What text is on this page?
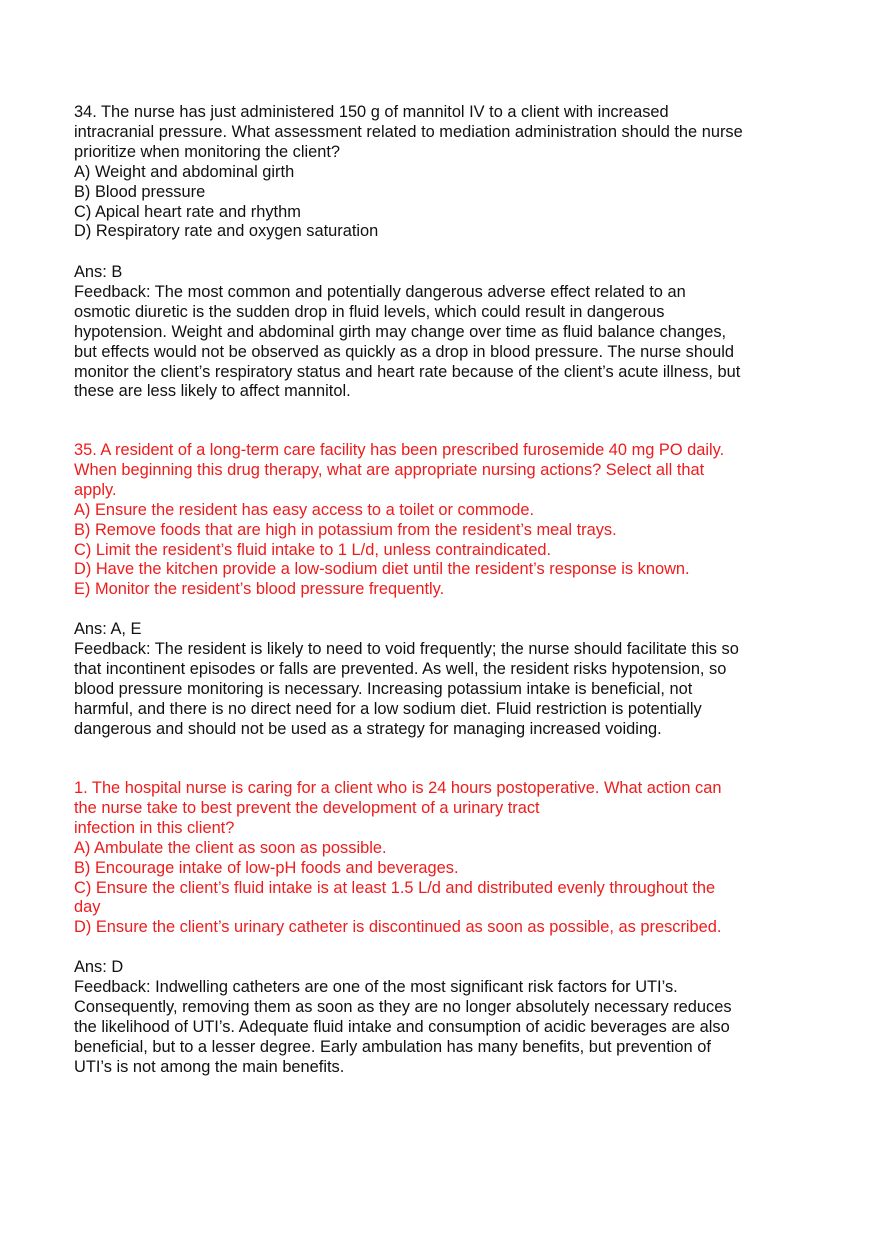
34. The nurse has just administered 150 g of mannitol IV to a client with increased
intracranial pressure. What assessment related to mediation administration should the nurse
prioritize when monitoring the client?
A) Weight and abdominal girth
B) Blood pressure
C) Apical heart rate and rhythm
D) Respiratory rate and oxygen saturation
Ans: B
Feedback: The most common and potentially dangerous adverse effect related to an
osmotic diuretic is the sudden drop in fluid levels, which could result in dangerous
hypotension. Weight and abdominal girth may change over time as fluid balance changes,
but effects would not be observed as quickly as a drop in blood pressure. The nurse should
monitor the client’s respiratory status and heart rate because of the client’s acute illness, but
these are less likely to affect mannitol.
35. A resident of a long-term care facility has been prescribed furosemide 40 mg PO daily.
When beginning this drug therapy, what are appropriate nursing actions? Select all that
apply.
A) Ensure the resident has easy access to a toilet or commode.
B) Remove foods that are high in potassium from the resident’s meal trays.
C) Limit the resident’s fluid intake to 1 L/d, unless contraindicated.
D) Have the kitchen provide a low-sodium diet until the resident’s response is known.
E) Monitor the resident’s blood pressure frequently.
Ans: A, E
Feedback: The resident is likely to need to void frequently; the nurse should facilitate this so
that incontinent episodes or falls are prevented. As well, the resident risks hypotension, so
blood pressure monitoring is necessary. Increasing potassium intake is beneficial, not
harmful, and there is no direct need for a low sodium diet. Fluid restriction is potentially
dangerous and should not be used as a strategy for managing increased voiding.
1. The hospital nurse is caring for a client who is 24 hours postoperative. What action can
the nurse take to best prevent the development of a urinary tract
infection in this client?
A) Ambulate the client as soon as possible.
B) Encourage intake of low-pH foods and beverages.
C) Ensure the client’s fluid intake is at least 1.5 L/d and distributed evenly throughout the
day
D) Ensure the client’s urinary catheter is discontinued as soon as possible, as prescribed.
Ans: D
Feedback: Indwelling catheters are one of the most significant risk factors for UTI’s.
Consequently, removing them as soon as they are no longer absolutely necessary reduces
the likelihood of UTI’s. Adequate fluid intake and consumption of acidic beverages are also
beneficial, but to a lesser degree. Early ambulation has many benefits, but prevention of
UTI’s is not among the main benefits.
